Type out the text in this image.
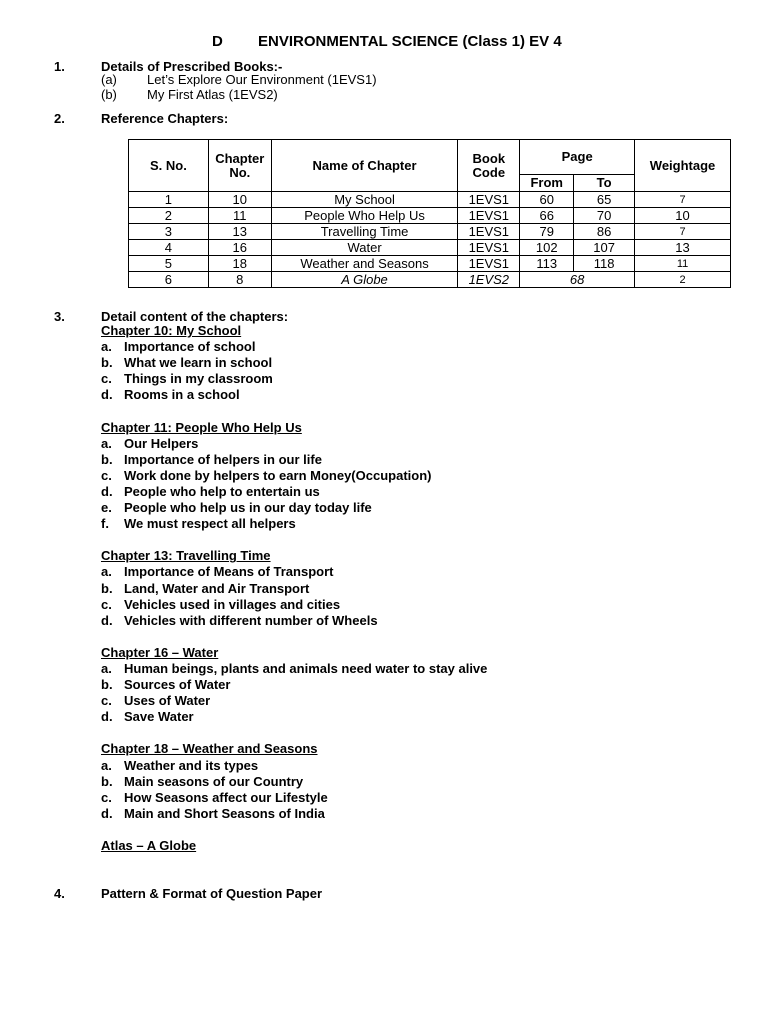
D ENVIRONMENTAL SCIENCE (Class 1) EV 4
1.	Details of Prescribed Books:-
(a) Let’s Explore Our Environment (1EVS1)
(b) My First Atlas (1EVS2)
2.	Reference Chapters:
S. No.	Chapter No.	Name of Chapter	Book Code	Page		Weightage
				From	To	
1	10	My School	1EVS1	60	65	7
2	11	People Who Help Us	1EVS1	66	70	10
3	13	Travelling Time	1EVS1	79	86	7
4	16	Water	1EVS1	102	107	13
5	18	Weather and Seasons	1EVS1	113	118	11
6	8	A Globe	1EVS2	68		2
3.	Detail content of the chapters:
Chapter 10: My School
a. Importance of school
b. What we learn in school
c. Things in my classroom
d. Rooms in a school
Chapter 11: People Who Help Us
a. Our Helpers
b. Importance of helpers in our life
c. Work done by helpers to earn Money(Occupation)
d. People who help to entertain us
e. People who help us in our day today life
f. We must respect all helpers
Chapter 13: Travelling Time
a. Importance of Means of Transport
b. Land, Water and Air Transport
c. Vehicles used in villages and cities
d. Vehicles with different number of Wheels
Chapter 16 – Water
a. Human beings, plants and animals need water to stay alive
b. Sources of Water
c. Uses of Water
d. Save Water
Chapter 18 – Weather and Seasons
a. Weather and its types
b. Main seasons of our Country
c. How Seasons affect our Lifestyle
d. Main and Short Seasons of India
Atlas – A Globe
4.	Pattern & Format of Question Paper
